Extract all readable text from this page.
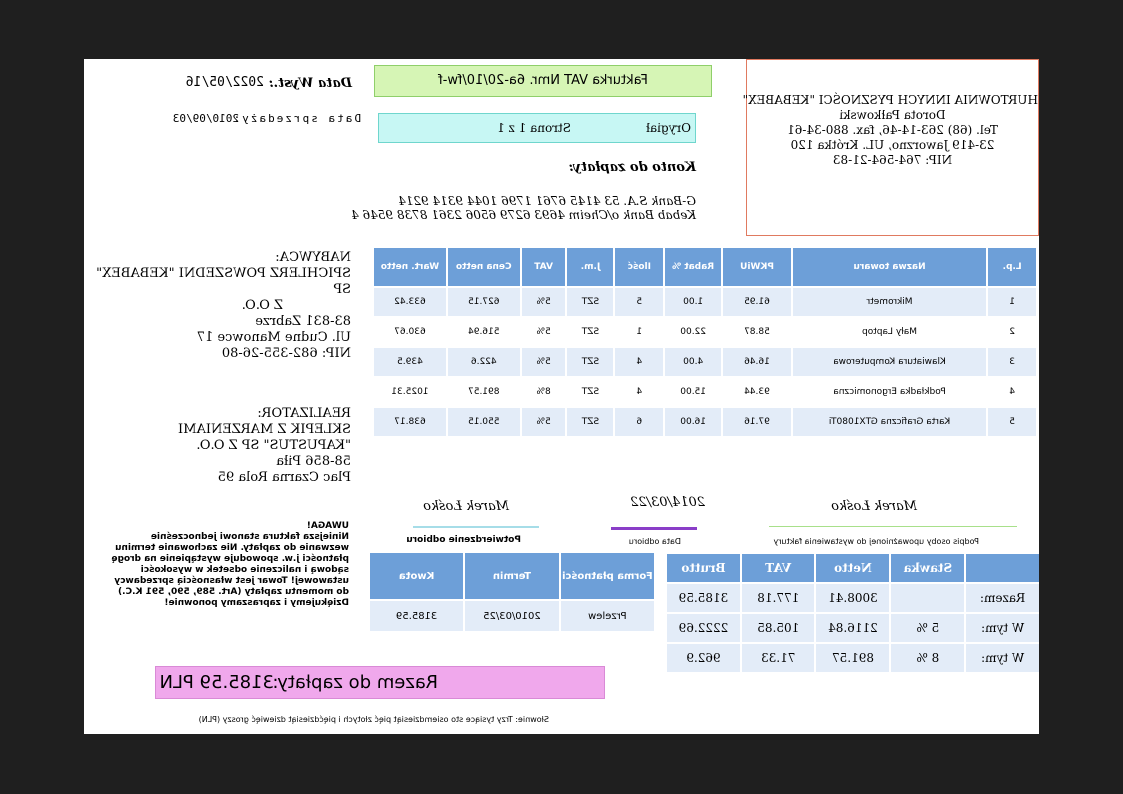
HURTOWNIA INNYCH PYSZNOŚCI "KEBABEX"
Dorota Pałkowski
Tel. (68) 263-14-46, fax. 880-34-61
23-419 Jaworzno, UL. Krótka 120
NIP: 764-564-21-83
Fakturka VAT Nmr. 6a-20/10/fw-f
Orygiał
Strona 1 z 1
Data Wyst.:
2022/05/16
Data sprzedaży:
2010/09/03
Konto do zapłaty:
G-Bank S.A. 53 4145 6761 1796 1044 9314 9214
Kebab Bank o/Cheim 4693 6279 6506 2361 8738 9546 4
NABYWCA:
SPICHLERZ POWSZEDNI "KEBABEX" SP
Z O.O.
83-831 Zabrze
Ul. Cudne Manowce 17
NIP: 682-355-26-80
REALIZATOR:
SKLEPIK Z MARZENIAMI
"KAPUSTUS" SP Z O.O.
58-856 Piła
Plac Czarna Rola 95
L.p.	Nazwa towaru	PKWiU	Rabat %	Ilość	J.m.	VAT	Cena netto	Wart. netto
1	Mikrometr	61.95	1.00	5	SZT	5%	627.15	633.42
2	Mały Laptop	58.87	22.00	1	SZT	5%	516.94	630.67
3	Klawiatura Komputerowa	16.46	4.00	4	SZT	5%	422.6	439.5
4	Podkładka Ergonomiczna	93.44	15.00	4	SZT	8%	891.57	1025.31
5	Karta Graficzna GTX1080Ti	97.16	16.00	6	SZT	5%	550.15	638.17
Marek Łośko
Podpis osoby upoważnionej do wystawienia faktury
2014/03/22
Data odbioru
Marek Łośko
Potwierdzenie odbioru
	Stawka	Netto	VAT	Brutto
Razem:		3008.41	177.18	3185.59
W tym:	5 %	2116.84	105.85	2222.69
W tym:	8 %	891.57	71.33	962.9
Forma płatności	Termin	Kwota
Przelew	2010/03/25	3185.59
UWAGA!
Niniejsza faktura stanowi jednocześnie wezwanie do zapłaty. Nie zachowanie terminu płatności j.w. spowoduje wystąpienie na drogę sądową i naliczenie odsetek w wysokości ustawowej! Towar jest własnością sprzedawcy do momentu zapłaty (Art. 589, 590, 591 K.C.)
Dziękujemy i zapraszamy ponownie!
Razem do zapłaty:
3185.59 PLN
Słownie: Trzy tysiące sto osiemdziesiąt pięć złotych i pięćdziesiąt dziewięć groszy (PLN)
